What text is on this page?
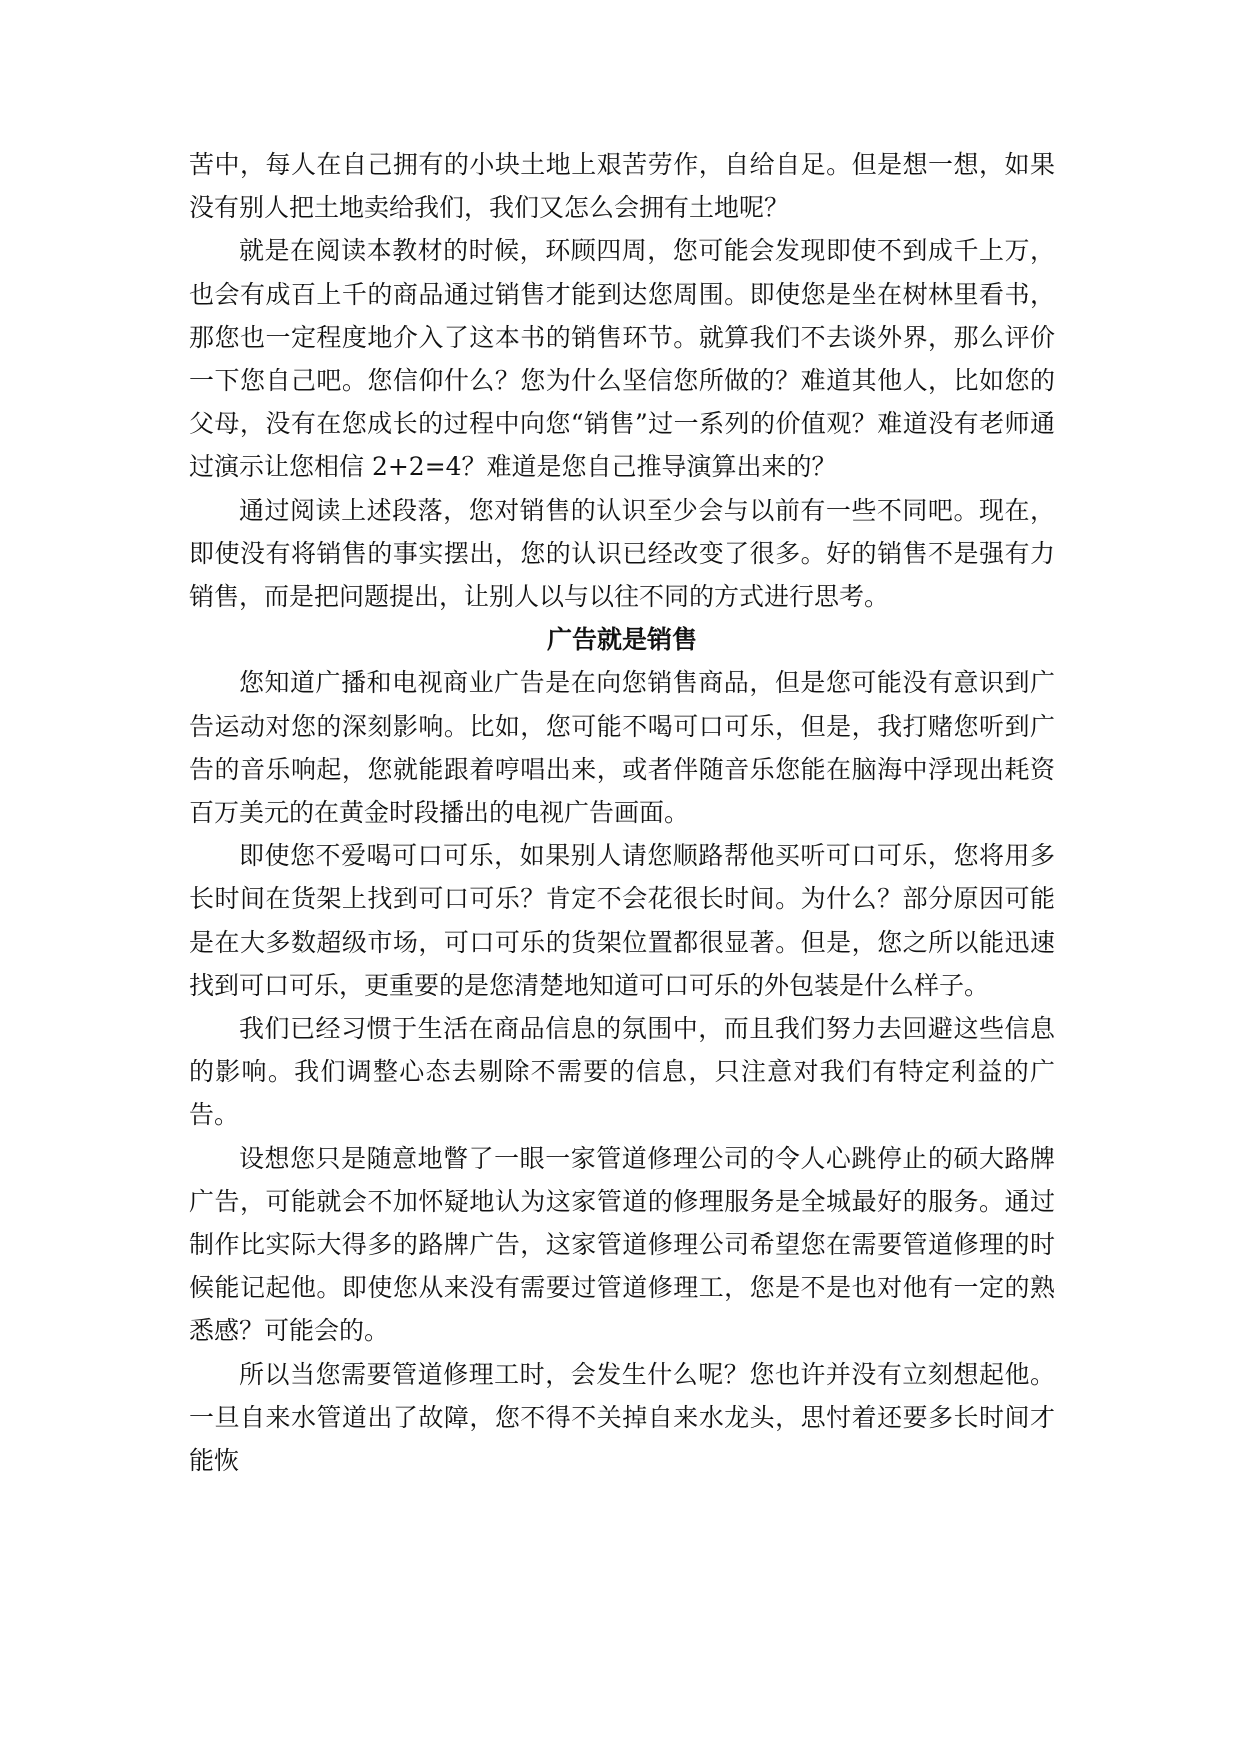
苦中，每人在自己拥有的小块土地上艰苦劳作，自给自足。但是想一想，如果没有别人把土地卖给我们，我们又怎么会拥有土地呢？

就是在阅读本教材的时候，环顾四周，您可能会发现即使不到成千上万，也会有成百上千的商品通过销售才能到达您周围。即使您是坐在树林里看书，那您也一定程度地介入了这本书的销售环节。就算我们不去谈外界，那么评价一下您自己吧。您信仰什么？您为什么坚信您所做的？难道其他人，比如您的父母，没有在您成长的过程中向您“销售”过一系列的价值观？难道没有老师通过演示让您相信 2+2=4？难道是您自己推导演算出来的？

通过阅读上述段落，您对销售的认识至少会与以前有一些不同吧。现在，即使没有将销售的事实摆出，您的认识已经改变了很多。好的销售不是强有力销售，而是把问题提出，让别人以与以往不同的方式进行思考。

广告就是销售

您知道广播和电视商业广告是在向您销售商品，但是您可能没有意识到广告运动对您的深刻影响。比如，您可能不喝可口可乐，但是，我打赌您听到广告的音乐响起，您就能跟着哼唱出来，或者伴随音乐您能在脑海中浮现出耗资百万美元的在黄金时段播出的电视广告画面。

即使您不爱喝可口可乐，如果别人请您顺路帮他买听可口可乐，您将用多长时间在货架上找到可口可乐？肯定不会花很长时间。为什么？部分原因可能是在大多数超级市场，可口可乐的货架位置都很显著。但是，您之所以能迅速找到可口可乐，更重要的是您清楚地知道可口可乐的外包装是什么样子。

我们已经习惯于生活在商品信息的氛围中，而且我们努力去回避这些信息的影响。我们调整心态去剔除不需要的信息，只注意对我们有特定利益的广告。

设想您只是随意地瞥了一眼一家管道修理公司的令人心跳停止的硕大路牌广告，可能就会不加怀疑地认为这家管道的修理服务是全城最好的服务。通过制作比实际大得多的路牌广告，这家管道修理公司希望您在需要管道修理的时候能记起他。即使您从来没有需要过管道修理工，您是不是也对他有一定的熟悉感？可能会的。

所以当您需要管道修理工时，会发生什么呢？您也许并没有立刻想起他。一旦自来水管道出了故障，您不得不关掉自来水龙头，思忖着还要多长时间才能恢
